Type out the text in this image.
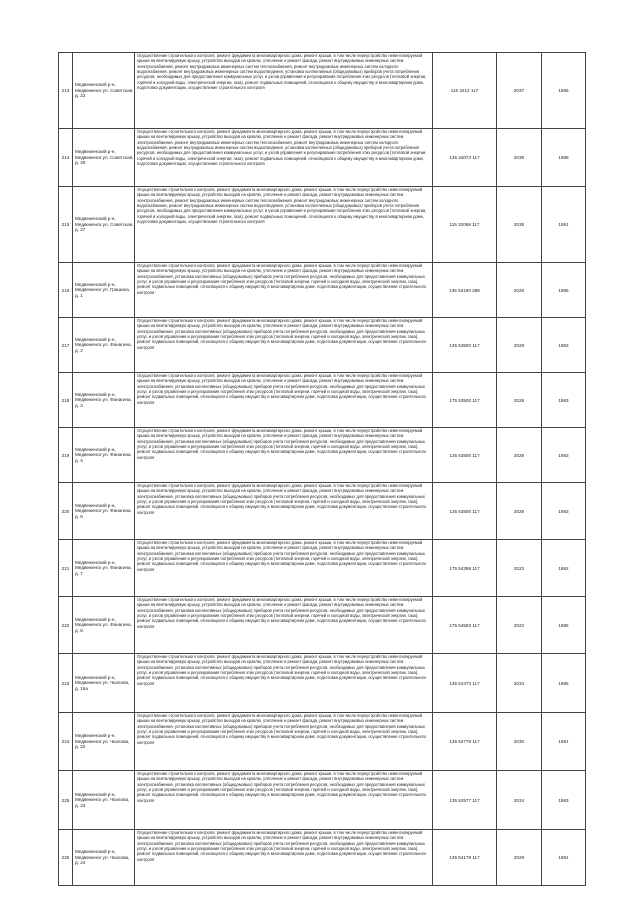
213	Медвеженский р-н, Медвеженск ул. Советская, д. 23	Осуществление строительного контроля, ремонт фундамента многоквартирного дома, ремонт крыши, в том числе переустройство невентилируемой крыши на вентилируемую крышу, устройство выходов на кровлю, утепление и ремонт фасада, ремонт внутридомовых инженерных систем электроснабжения, ремонт внутридомовых инженерных систем теплоснабжения, ремонт внутридомовых инженерных систем холодного водоснабжения, ремонт внутридомовых инженерных систем водоотведения, установка коллективных (общедомовых) приборов учета потребления ресурсов, необходимых для предоставления коммунальных услуг, и узлов управления и регулирования потребления этих ресурсов (тепловой энергии, горячей и холодной воды, электрической энергии, газа), ремонт подвальных помещений, относящихся к общему имуществу в многоквартирном доме, подготовка документации, осуществление строительного контроля	115 3212 117	2037	1966
214	Медвеженский р-н, Медвеженск ул. Советская, д. 25	Осуществление строительного контроля, ремонт фундамента многоквартирного дома, ремонт крыши, в том числе переустройство невентилируемой крыши на вентилируемую крышу, устройство выходов на кровлю, утепление и ремонт фасада, ремонт внутридомовых инженерных систем электроснабжения, ремонт внутридомовых инженерных систем теплоснабжения, ремонт внутридомовых инженерных систем холодного водоснабжения, ремонт внутридомовых инженерных систем водоотведения, установка коллективных (общедомовых) приборов учета потребления ресурсов, необходимых для предоставления коммунальных услуг, и узлов управления и регулирования потребления этих ресурсов (тепловой энергии, горячей и холодной воды, электрической энергии, газа), ремонт подвальных помещений, относящихся к общему имуществу в многоквартирном доме, подготовка документации, осуществление строительного контроля	135 34073 117	2038	1988
215	Медвеженский р-н, Медвеженск ул. Советская, д. 27	Осуществление строительного контроля, ремонт фундамента многоквартирного дома, ремонт крыши, в том числе переустройство невентилируемой крыши на вентилируемую крышу, устройство выходов на кровлю, утепление и ремонт фасада, ремонт внутридомовых инженерных систем электроснабжения, ремонт внутридомовых инженерных систем теплоснабжения, ремонт внутридомовых инженерных систем холодного водоснабжения, ремонт внутридомовых инженерных систем водоотведения, установка коллективных (общедомовых) приборов учета потребления ресурсов, необходимых для предоставления коммунальных услуг, и узлов управления и регулирования потребления этих ресурсов (тепловой энергии, горячей и холодной воды, электрической энергии, газа), ремонт подвальных помещений, относящихся к общему имуществу в многоквартирном доме, подготовка документации, осуществление строительного контроля	115 32068 117	2038	1991
216	Медвеженский р-н, Медвеженск ул. Гришина, д. 1	Осуществление строительного контроля, ремонт фундамента многоквартирного дома, ремонт крыши, в том числе переустройство невентилируемой крыши на вентилируемую крышу, устройство выходов на кровлю, утепление и ремонт фасада, ремонт внутридомовых инженерных систем электроснабжения, установка коллективных (общедомовых) приборов учета потребления ресурсов, необходимых для предоставления коммунальных услуг, и узлов управления и регулирования потребления этих ресурсов (тепловой энергии, горячей и холодной воды, электрической энергии, газа), ремонт подвальных помещений, относящихся к общему имуществу в многоквартирном доме, подготовка документации, осуществление строительного контроля	135 53190 388	2028	1985
217	Медвеженский р-н, Медвеженск ул. Фанагина, д. 2	Осуществление строительного контроля, ремонт фундамента многоквартирного дома, ремонт крыши, в том числе переустройство невентилируемой крыши на вентилируемую крышу, устройство выходов на кровлю, утепление и ремонт фасада, ремонт внутридомовых инженерных систем электроснабжения, установка коллективных (общедомовых) приборов учета потребления ресурсов, необходимых для предоставления коммунальных услуг, и узлов управления и регулирования потребления этих ресурсов (тепловой энергии, горячей и холодной воды, электрической энергии, газа), ремонт подвальных помещений, относящихся к общему имуществу в многоквартирном доме, подготовка документации, осуществление строительного контроля	135 53500 117	2028	1983
218	Медвеженский р-н, Медвеженск ул. Фанагина, д. 3	Осуществление строительного контроля, ремонт фундамента многоквартирного дома, ремонт крыши, в том числе переустройство невентилируемой крыши на вентилируемую крышу, устройство выходов на кровлю, утепление и ремонт фасада, ремонт внутридомовых инженерных систем электроснабжения, установка коллективных (общедомовых) приборов учета потребления ресурсов, необходимых для предоставления коммунальных услуг, и узлов управления и регулирования потребления этих ресурсов (тепловой энергии, горячей и холодной воды, электрической энергии, газа), ремонт подвальных помещений, относящихся к общему имуществу в многоквартирном доме, подготовка документации, осуществление строительного контроля	175 53500 117	2028	1983
219	Медвеженский р-н, Медвеженск ул. Фанагина, д. 4	Осуществление строительного контроля, ремонт фундамента многоквартирного дома, ремонт крыши, в том числе переустройство невентилируемой крыши на вентилируемую крышу, устройство выходов на кровлю, утепление и ремонт фасада, ремонт внутридомовых инженерных систем электроснабжения, установка коллективных (общедомовых) приборов учета потребления ресурсов, необходимых для предоставления коммунальных услуг, и узлов управления и регулирования потребления этих ресурсов (тепловой энергии, горячей и холодной воды, электрической энергии, газа), ремонт подвальных помещений, относящихся к общему имуществу в многоквартирном доме, подготовка документации, осуществление строительного контроля	135 53500 117	2028	1983
220	Медвеженский р-н, Медвеженск ул. Фанагина, д. 5	Осуществление строительного контроля, ремонт фундамента многоквартирного дома, ремонт крыши, в том числе переустройство невентилируемой крыши на вентилируемую крышу, устройство выходов на кровлю, утепление и ремонт фасада, ремонт внутридомовых инженерных систем электроснабжения, установка коллективных (общедомовых) приборов учета потребления ресурсов, необходимых для предоставления коммунальных услуг, и узлов управления и регулирования потребления этих ресурсов (тепловой энергии, горячей и холодной воды, электрической энергии, газа), ремонт подвальных помещений, относящихся к общему имуществу в многоквартирном доме, подготовка документации, осуществление строительного контроля	135 53500 117	2028	1983
221	Медвеженский р-н, Медвеженск ул. Фанагина, д. 7	Осуществление строительного контроля, ремонт фундамента многоквартирного дома, ремонт крыши, в том числе переустройство невентилируемой крыши на вентилируемую крышу, устройство выходов на кровлю, утепление и ремонт фасада, ремонт внутридомовых инженерных систем электроснабжения, установка коллективных (общедомовых) приборов учета потребления ресурсов, необходимых для предоставления коммунальных услуг, и узлов управления и регулирования потребления этих ресурсов (тепловой энергии, горячей и холодной воды, электрической энергии, газа), ремонт подвальных помещений, относящихся к общему имуществу в многоквартирном доме, подготовка документации, осуществление строительного контроля	175 54398 117	2023	1982
222	Медвеженский р-н, Медвеженск ул. Фанагина, д. 8	Осуществление строительного контроля, ремонт фундамента многоквартирного дома, ремонт крыши, в том числе переустройство невентилируемой крыши на вентилируемую крышу, устройство выходов на кровлю, утепление и ремонт фасада, ремонт внутридомовых инженерных систем электроснабжения, установка коллективных (общедомовых) приборов учета потребления ресурсов, необходимых для предоставления коммунальных услуг, и узлов управления и регулирования потребления этих ресурсов (тепловой энергии, горячей и холодной воды, электрической энергии, газа), ремонт подвальных помещений, относящихся к общему имуществу в многоквартирном доме, подготовка документации, осуществление строительного контроля	175 54593 117	2022	1985
223	Медвеженский р-н, Медвеженск ул. Чкалова, д. 16а	Осуществление строительного контроля, ремонт фундамента многоквартирного дома, ремонт крыши, в том числе переустройство невентилируемой крыши на вентилируемую крышу, устройство выходов на кровлю, утепление и ремонт фасада, ремонт внутридомовых инженерных систем электроснабжения, установка коллективных (общедомовых) приборов учета потребления ресурсов, необходимых для предоставления коммунальных услуг, и узлов управления и регулирования потребления этих ресурсов (тепловой энергии, горячей и холодной воды, электрической энергии, газа), ремонт подвальных помещений, относящихся к общему имуществу в многоквартирном доме, подготовка документации, осуществление строительного контроля	135 52473 117	2034	1985
224	Медвеженский р-н, Медвеженск ул. Чкалова, д. 22	Осуществление строительного контроля, ремонт фундамента многоквартирного дома, ремонт крыши, в том числе переустройство невентилируемой крыши на вентилируемую крышу, устройство выходов на кровлю, утепление и ремонт фасада, ремонт внутридомовых инженерных систем электроснабжения, установка коллективных (общедомовых) приборов учета потребления ресурсов, необходимых для предоставления коммунальных услуг, и узлов управления и регулирования потребления этих ресурсов (тепловой энергии, горячей и холодной воды, электрической энергии, газа), ремонт подвальных помещений, относящихся к общему имуществу в многоквартирном доме, подготовка документации, осуществление строительного контроля	135 52779 117	2030	1981
225	Медвеженский р-н, Медвеженск ул. Чкалова, д. 23	Осуществление строительного контроля, ремонт фундамента многоквартирного дома, ремонт крыши, в том числе переустройство невентилируемой крыши на вентилируемую крышу, устройство выходов на кровлю, утепление и ремонт фасада, ремонт внутридомовых инженерных систем электроснабжения, установка коллективных (общедомовых) приборов учета потребления ресурсов, необходимых для предоставления коммунальных услуг, и узлов управления и регулирования потребления этих ресурсов (тепловой энергии, горячей и холодной воды, электрической энергии, газа), ремонт подвальных помещений, относящихся к общему имуществу в многоквартирном доме, подготовка документации, осуществление строительного контроля	135 52577 117	2034	1983
226	Медвеженский р-н, Медвеженск ул. Чкалова, д. 24	Осуществление строительного контроля, ремонт фундамента многоквартирного дома, ремонт крыши, в том числе переустройство невентилируемой крыши на вентилируемую крышу, устройство выходов на кровлю, утепление и ремонт фасада, ремонт внутридомовых инженерных систем электроснабжения, установка коллективных (общедомовых) приборов учета потребления ресурсов, необходимых для предоставления коммунальных услуг, и узлов управления и регулирования потребления этих ресурсов (тепловой энергии, горячей и холодной воды, электрической энергии, газа), ремонт подвальных помещений, относящихся к общему имуществу в многоквартирном доме, подготовка документации, осуществление строительного контроля	135 54179 117	2029	1981
